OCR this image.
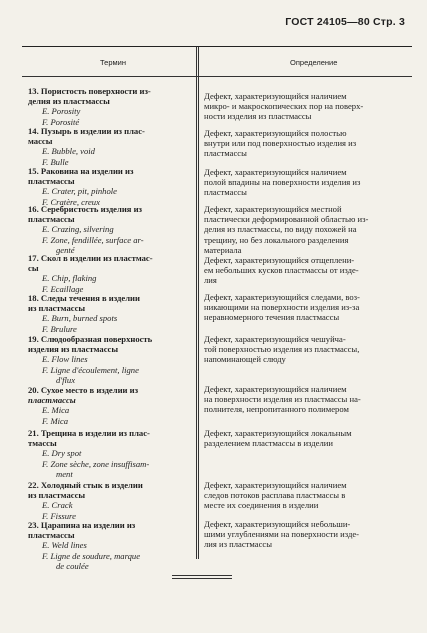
ГОСТ 24105—80 Стр. 3
Термин	Определение
13. Пористость поверхности из-
делия из пластмассы
E. Porosity
F. Porosité
Дефект, характеризующийся наличием
микро- и макроскопических пор на поверх-
ности изделия из пластмассы
14. Пузырь в изделии из плас-
массы
E. Bubble, void
F. Bulle
Дефект, характеризующийся полостью
внутри или под поверхностью изделия из
пластмассы
15. Раковина на изделии из
пластмассы
E. Crater, pit, pinhole
F. Cratère, creux
Дефект, характеризующийся наличием
полой впадины на поверхности изделия из
пластмассы
16. Серебристость изделия из
пластмассы
E. Crazing, silvering
F. Zone, fendillée, surface ar-
genté
Дефект, характеризующийся местной
пластически деформированной областью из-
делия из пластмассы, по виду похожей на
трещину, но без локального разделения
материала
17. Скол в изделии из пластмас-
сы
E. Chip, flaking
F. Ecaillage
Дефект, характеризующийся отщеплени-
ем небольших кусков пластмассы от изде-
лия
18. Следы течения в изделии
из пластмассы
E. Burn, burned spots
F. Brulure
Дефект, характеризующийся следами, воз-
никающими на поверхности изделия из-за
неравномерного течения пластмассы
19. Слюдообразная поверхность
изделия из пластмассы
E. Flow lines
F. Ligne d'écoulement, ligne
d'flux
Дефект, характеризующийся чешуйча-
той поверхностью изделия из пластмассы,
напоминающей слюду
20. Сухое место в изделии из
пластмассы
E. Mica
F. Mica
Дефект, характеризующийся наличием
на поверхности изделия из пластмассы на-
полнителя, непропитанного полимером
21. Трещина в изделии из плас-
тмассы
E. Dry spot
F. Zone sèche, zone insuffisam-
ment
Дефект, характеризующийся локальным
разделением пластмассы в изделии
22. Холодный стык в изделии
из пластмассы
E. Crack
F. Fissure
Дефект, характеризующийся наличием
следов потоков расплава пластмассы в
месте их соединения в изделии
23. Царапина на изделии из
пластмассы
E. Weld lines
F. Ligne de soudure, marque
de coulée
Дефект, характеризующийся небольши-
шими углублениями на поверхности изде-
лия из пластмассы
